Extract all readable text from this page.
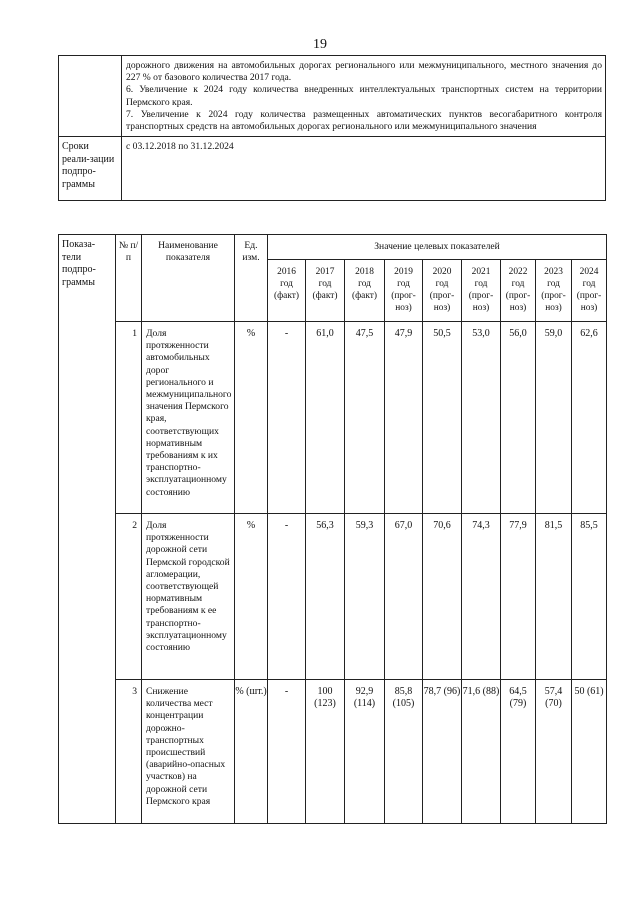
19

	дорожного движения на автомобильных дорогах регионального или межмуниципального, местного значения до 227 % от базового количества 2017 года.
6. Увеличение к 2024 году количества внедренных интеллектуальных транспортных систем на территории Пермского края.
7. Увеличение к 2024 году количества размещенных автоматических пунктов весогабаритного контроля транспортных средств на автомобильных дорогах регионального или межмуниципального значения

Сроки реали-зации подпро-граммы	с 03.12.2018 по 31.12.2024
Показа-тели подпро-граммы	№ п/п	Наименование показателя	Ед. изм.	Значение целевых показателей								

				2016
год
(факт)	2017
год
(факт)	2018
год
(факт)	2019
год
(прог-ноз)	2020
год
(прог-ноз)	2021
год
(прог-ноз)	2022
год
(прог-ноз)	2023
год
(прог-ноз)	2024
год
(прог-ноз)

	1	Доля протяженности автомобильных дорог регионального и межмуниципального значения Пермского края, соответствующих нормативным требованиям к их транспортно-эксплуатационному состоянию	%	-	61,0	47,5	47,9	50,5	53,0	56,0	59,0	62,6
	2	Доля протяженности дорожной сети Пермской городской агломерации, соответствующей нормативным требованиям к ее транспортно-эксплуатационному состоянию	%	-	56,3	59,3	67,0	70,6	74,3	77,9	81,5	85,5
	3	Снижение количества мест концентрации дорожно-транспортных происшествий (аварийно-опасных участков) на дорожной сети Пермского края	% (шт.)	-	100 (123)	92,9 (114)	85,8 (105)	78,7 (96)	71,6 (88)	64,5 (79)	57,4 (70)	50 (61)
